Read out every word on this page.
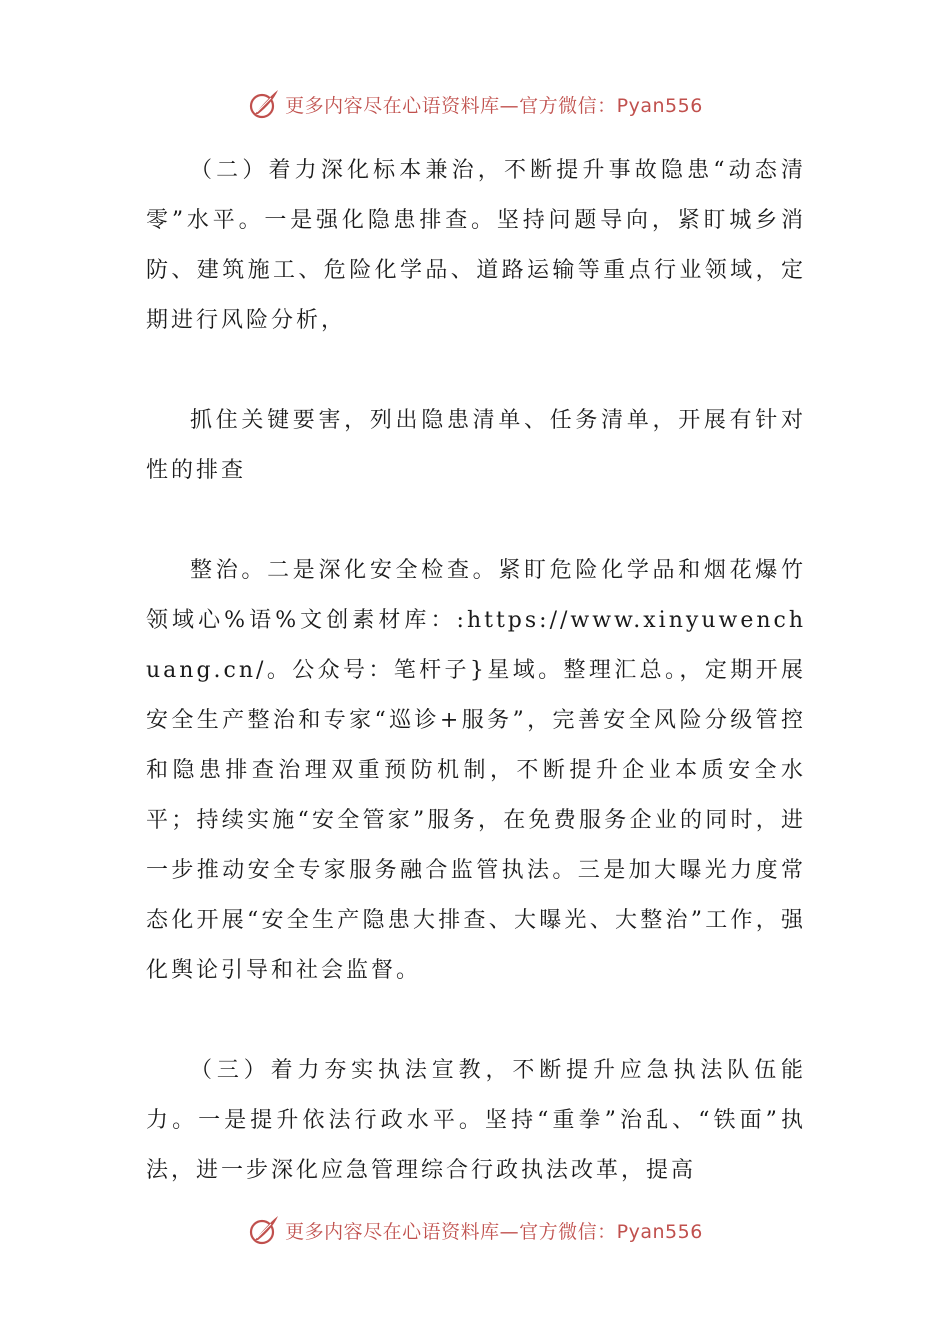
更多内容尽在心语资料库—官方微信：Pyan556

（二）着力深化标本兼治，不断提升事故隐患“动态清零”水平。一是强化隐患排查。坚持问题导向，紧盯城乡消防、建筑施工、危险化学品、道路运输等重点行业领域，定期进行风险分析，

抓住关键要害，列出隐患清单、任务清单，开展有针对性的排查

整治。二是深化安全检查。紧盯危险化学品和烟花爆竹领域心%语%文创素材库：:https://www.xinyuwenchuang.cn/。公众号：笔杆子}星域。整理汇总。，定期开展安全生产整治和专家“巡诊+服务”，完善安全风险分级管控和隐患排查治理双重预防机制，不断提升企业本质安全水平；持续实施“安全管家”服务，在免费服务企业的同时，进一步推动安全专家服务融合监管执法。三是加大曝光力度常态化开展“安全生产隐患大排查、大曝光、大整治”工作，强化舆论引导和社会监督。

（三）着力夯实执法宣教，不断提升应急执法队伍能力。一是提升依法行政水平。坚持“重拳”治乱、“铁面”执法，进一步深化应急管理综合行政执法改革，提高

更多内容尽在心语资料库—官方微信：Pyan556
